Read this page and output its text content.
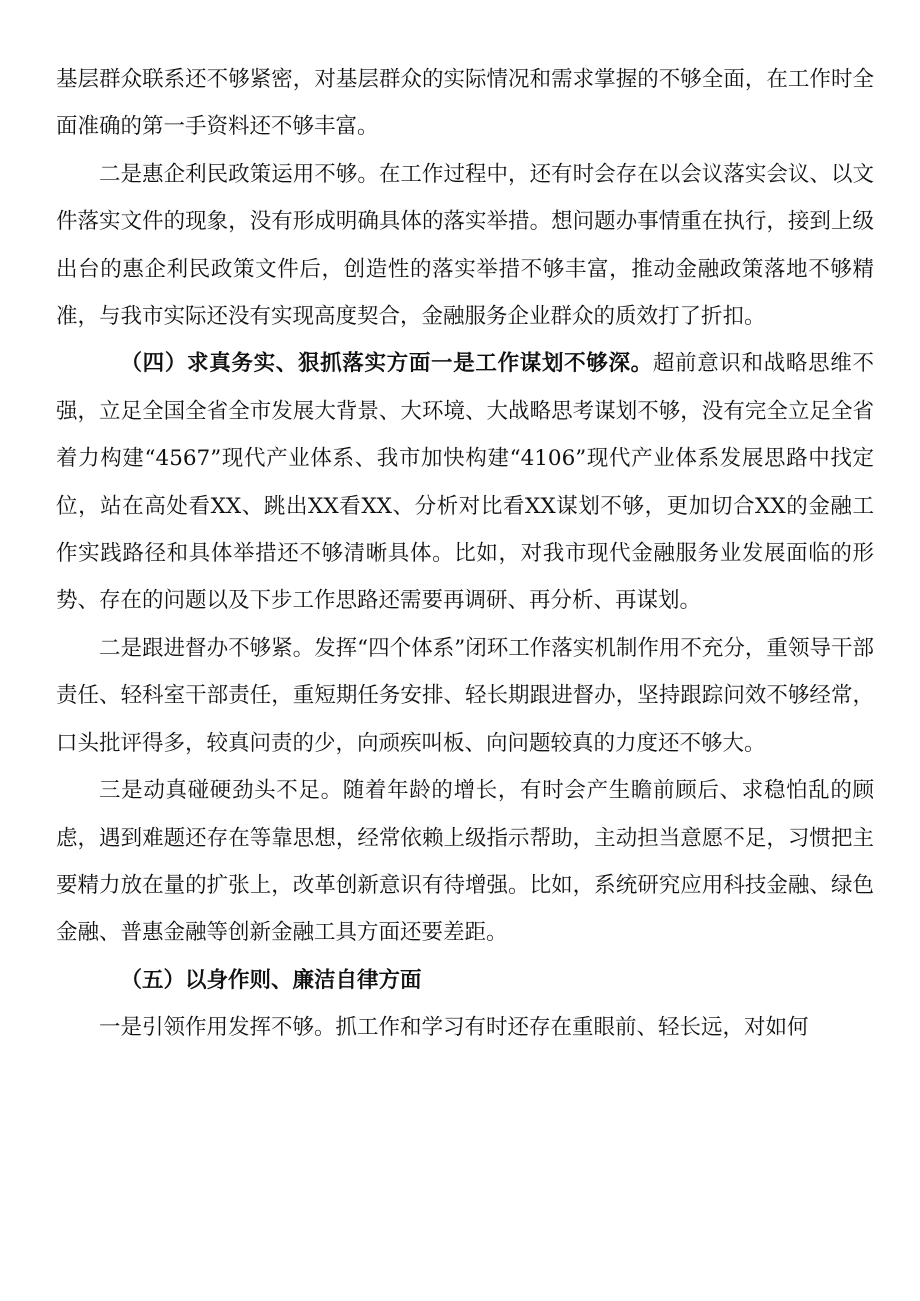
基层群众联系还不够紧密，对基层群众的实际情况和需求掌握的不够全面，在工作时全面准确的第一手资料还不够丰富。

二是惠企利民政策运用不够。在工作过程中，还有时会存在以会议落实会议、以文件落实文件的现象，没有形成明确具体的落实举措。想问题办事情重在执行，接到上级出台的惠企利民政策文件后，创造性的落实举措不够丰富，推动金融政策落地不够精准，与我市实际还没有实现高度契合，金融服务企业群众的质效打了折扣。

（四）求真务实、狠抓落实方面一是工作谋划不够深。超前意识和战略思维不强，立足全国全省全市发展大背景、大环境、大战略思考谋划不够，没有完全立足全省着力构建“4567”现代产业体系、我市加快构建“4106”现代产业体系发展思路中找定位，站在高处看XX、跳出XX看XX、分析对比看XX谋划不够，更加切合XX的金融工作实践路径和具体举措还不够清晰具体。比如，对我市现代金融服务业发展面临的形势、存在的问题以及下步工作思路还需要再调研、再分析、再谋划。

二是跟进督办不够紧。发挥“四个体系”闭环工作落实机制作用不充分，重领导干部责任、轻科室干部责任，重短期任务安排、轻长期跟进督办，坚持跟踪问效不够经常，口头批评得多，较真问责的少，向顽疾叫板、向问题较真的力度还不够大。

三是动真碰硬劲头不足。随着年龄的增长，有时会产生瞻前顾后、求稳怕乱的顾虑，遇到难题还存在等靠思想，经常依赖上级指示帮助，主动担当意愿不足，习惯把主要精力放在量的扩张上，改革创新意识有待增强。比如，系统研究应用科技金融、绿色金融、普惠金融等创新金融工具方面还要差距。

（五）以身作则、廉洁自律方面

一是引领作用发挥不够。抓工作和学习有时还存在重眼前、轻长远，对如何
